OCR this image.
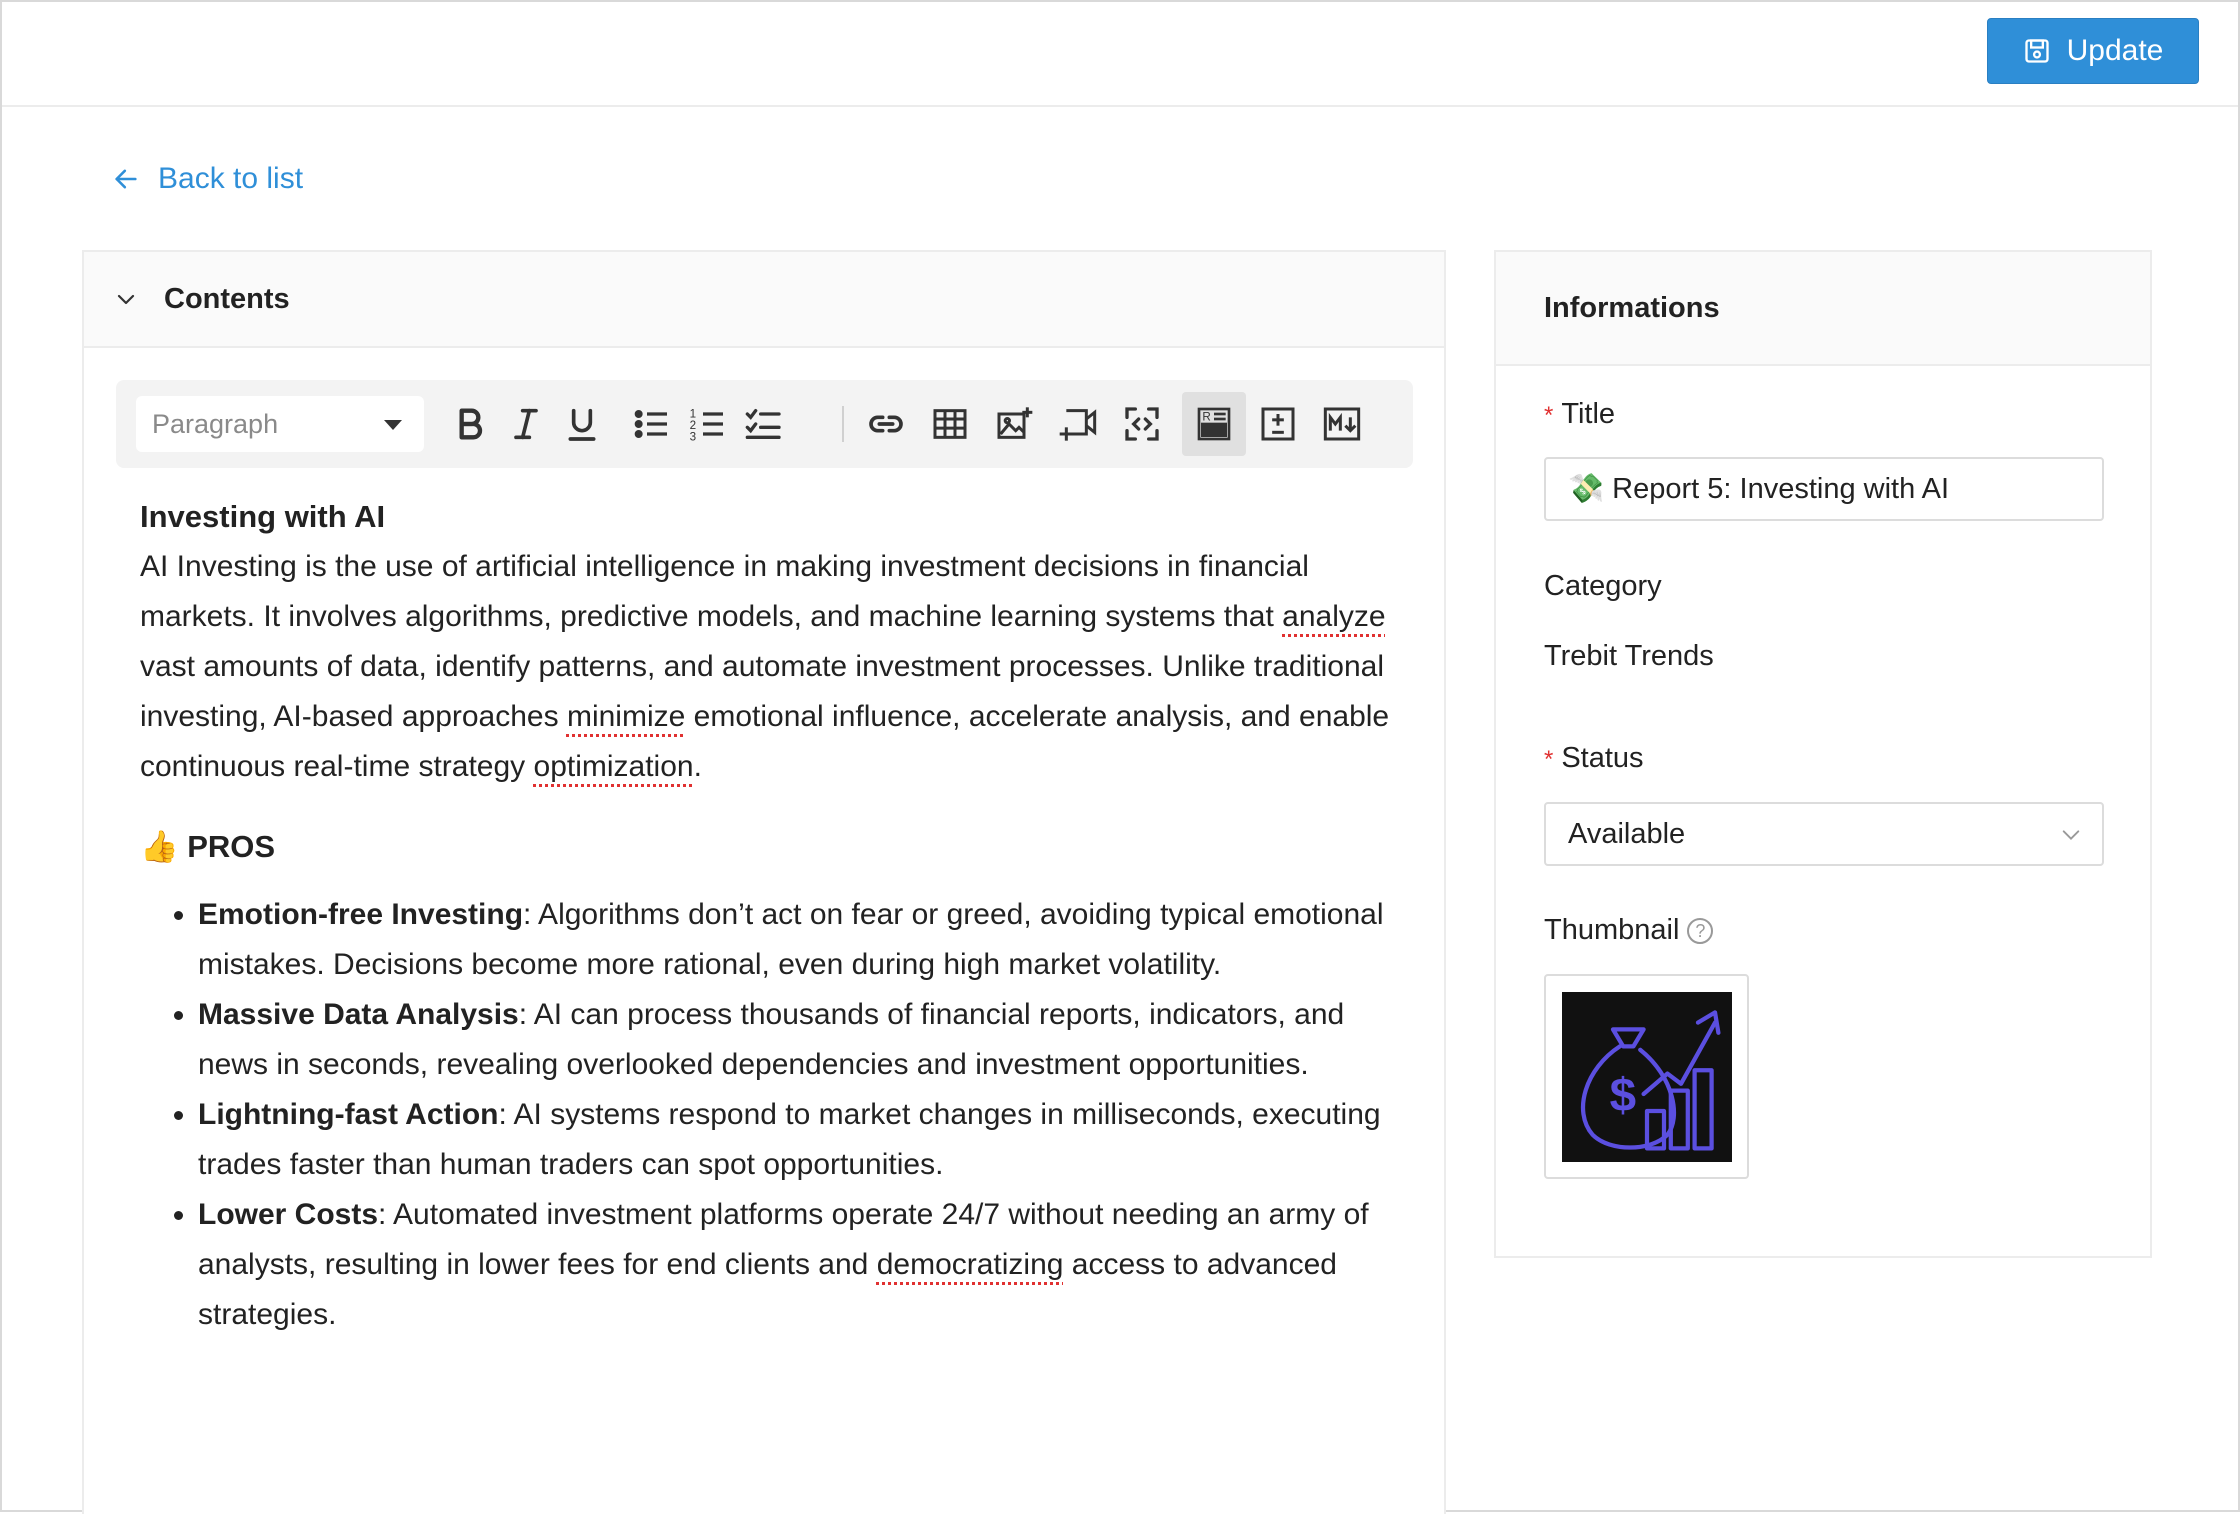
Update
Back to list
Contents
Paragraph	1
2
3
R
Investing with AI

AI Investing is the use of artificial intelligence in making investment decisions in financial markets. It involves algorithms, predictive models, and machine learning systems that analyze vast amounts of data, identify patterns, and automate investment processes. Unlike traditional investing, AI-based approaches minimize emotional influence, accelerate analysis, and enable continuous real-time strategy optimization.

👍 PROS
• Emotion-free Investing: Algorithms don’t act on fear or greed, avoiding typical emotional mistakes. Decisions become more rational, even during high market volatility.
• Massive Data Analysis: AI can process thousands of financial reports, indicators, and news in seconds, revealing overlooked dependencies and investment opportunities.
• Lightning-fast Action: AI systems respond to market changes in milliseconds, executing trades faster than human traders can spot opportunities.
• Lower Costs: Automated investment platforms operate 24/7 without needing an army of analysts, resulting in lower fees for end clients and democratizing access to advanced strategies.
Informations
* Title
💸 Report 5: Investing with AI
Category
Trebit Trends
* Status
Available
Thumbnail ?
$
